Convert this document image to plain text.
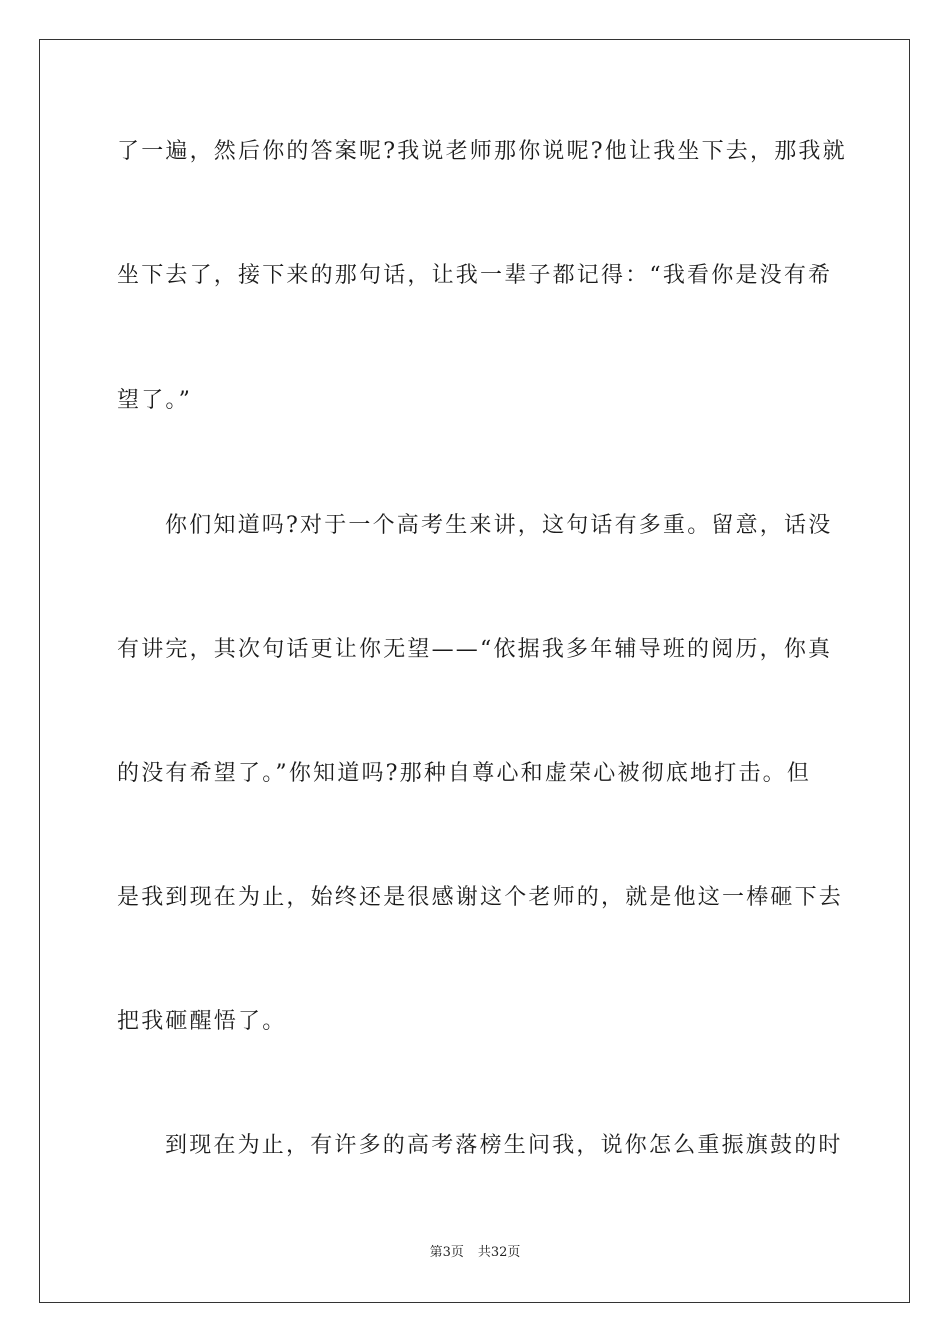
了一遍，然后你的答案呢?我说老师那你说呢?他让我坐下去，那我就
坐下去了，接下来的那句话，让我一辈子都记得：“我看你是没有希
望了。”
你们知道吗?对于一个高考生来讲，这句话有多重。留意，话没
有讲完，其次句话更让你无望——“依据我多年辅导班的阅历，你真
的没有希望了。”你知道吗?那种自尊心和虚荣心被彻底地打击。但
是我到现在为止，始终还是很感谢这个老师的，就是他这一棒砸下去
把我砸醒悟了。
到现在为止，有许多的高考落榜生问我，说你怎么重振旗鼓的时
第3页 共32页
